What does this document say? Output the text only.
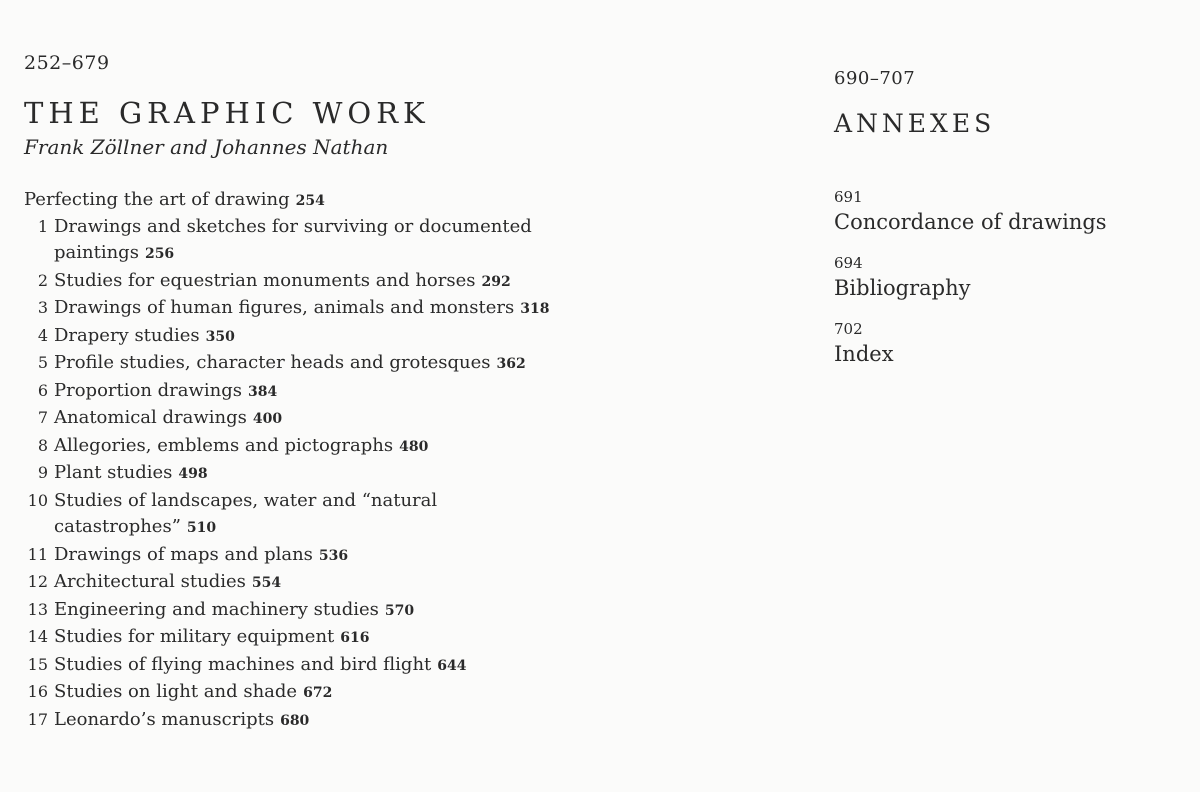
252–679

THE GRAPHIC WORK

Frank Zöllner and Johannes Nathan

Perfecting the art of drawing 254

1 Drawings and sketches for surviving or documented paintings 256
2 Studies for equestrian monuments and horses 292
3 Drawings of human figures, animals and monsters 318
4 Drapery studies 350
5 Profile studies, character heads and grotesques 362
6 Proportion drawings 384
7 Anatomical drawings 400
8 Allegories, emblems and pictographs 480
9 Plant studies 498
10 Studies of landscapes, water and “natural catastrophes” 510
11 Drawings of maps and plans 536
12 Architectural studies 554
13 Engineering and machinery studies 570
14 Studies for military equipment 616
15 Studies of flying machines and bird flight 644
16 Studies on light and shade 672
17 Leonardo’s manuscripts 680

690–707

ANNEXES
691
Concordance of drawings
694
Bibliography
702
Index
